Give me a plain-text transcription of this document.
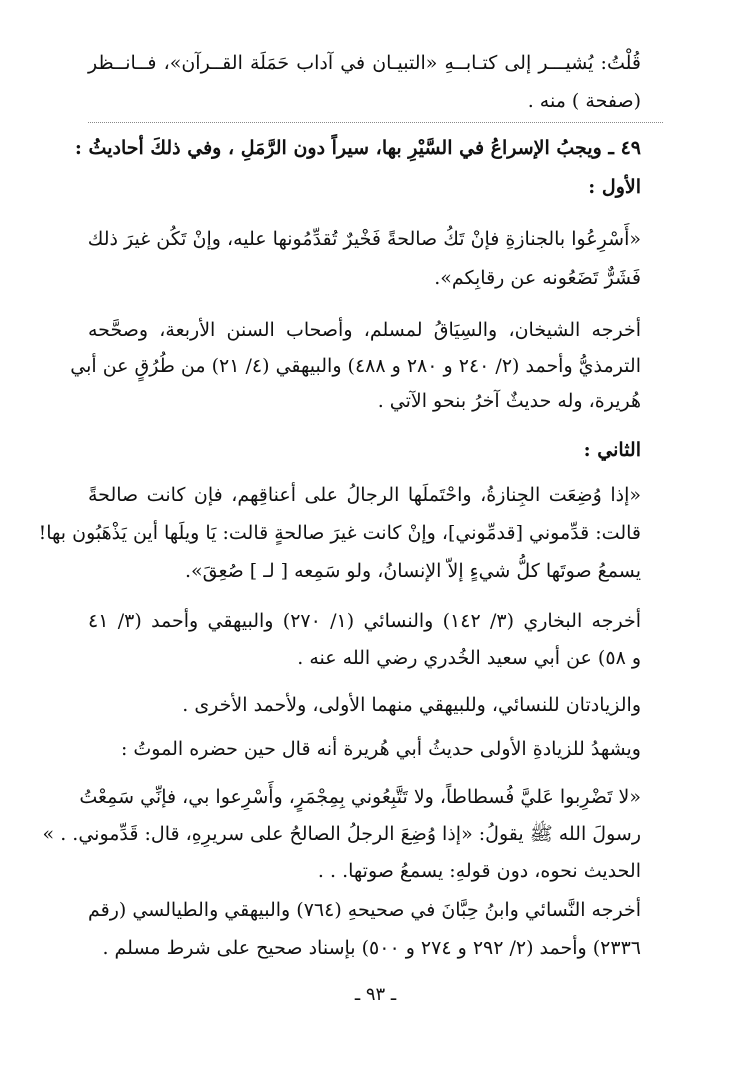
قُلْتُ: يُشيـــر إلى كتـابــهِ «التبيـان في آداب حَمَلَة القــرآن»، فــانــظر
(صفحة ) منه .
٤٩ ـ ويجبُ الإسراعُ في السَّيْرِ بها، سيراً دون الرَّمَلِ ، وفي ذلكَ أحاديثُ :
الأول :
«أَسْرِعُوا بالجنازةِ فإنْ تَكُ صالحةً فَخْيرٌ تُقدِّمُونها عليه، وإنْ تَكُن غيرَ ذلك
فَشَرٌّ تَضَعُونه عن رقابِكم».
أخرجه الشيخان، والسِيَاقُ لمسلم، وأصحاب السنن الأربعة، وصحَّحه
الترمذيُّ وأحمد (٢/ ٢٤٠ و ٢٨٠ و ٤٨٨) والبيهقي (٤/ ٢١) من طُرُقٍ عن أبي
هُريرة، وله حديثٌ آخرُ بنحو الآتي .
الثاني :
«إذا وُضِعَت الجِنازةُ، واحْتَملَها الرجالُ على أعناقِهم، فإن كانت صالحةً
قالت: قدِّموني [قدمِّوني]، وإنْ كانت غيرَ صالحةٍ قالت: يَا ويلَها أين يَذْهَبُون بها!
يسمعُ صوتَها كلُّ شيءٍ إلاّ الإنسانُ، ولو سَمِعه [ لـ ] صُعِقَ».
أخرجه البخاري (٣/ ١٤٢) والنسائي (١/ ٢٧٠) والبيهقي وأحمد (٣/ ٤١
و ٥٨) عن أبي سعيد الخُدري رضي الله عنه .
والزيادتان للنسائي، وللبيهقي منهما الأولى، ولأحمد الأخرى .
ويشهدُ للزيادةِ الأولى حديثُ أبي هُريرة أنه قال حين حضره الموتُ :
«لا تَضْرِبوا عَليَّ فُسطاطاً، ولا تَتَّبِعُوني بِمِجْمَرٍ، وأَسْرِعوا بي، فإنِّي سَمِعْتُ
رسولَ الله ﷺ يقولُ: «إذا وُضِعَ الرجلُ الصالحُ على سريرِهِ، قال: قَدِّموني. . »
الحديث نحوه، دون قولهِ: يسمعُ صوتها. . .
أخرجه النَّسائي وابنُ حِبَّانَ في صحيحهِ (٧٦٤) والبيهقي والطيالسي (رقم
٢٣٣٦) وأحمد (٢/ ٢٩٢ و ٢٧٤ و ٥٠٠) بإسناد صحيح على شرط مسلم .
ـ ٩٣ ـ
